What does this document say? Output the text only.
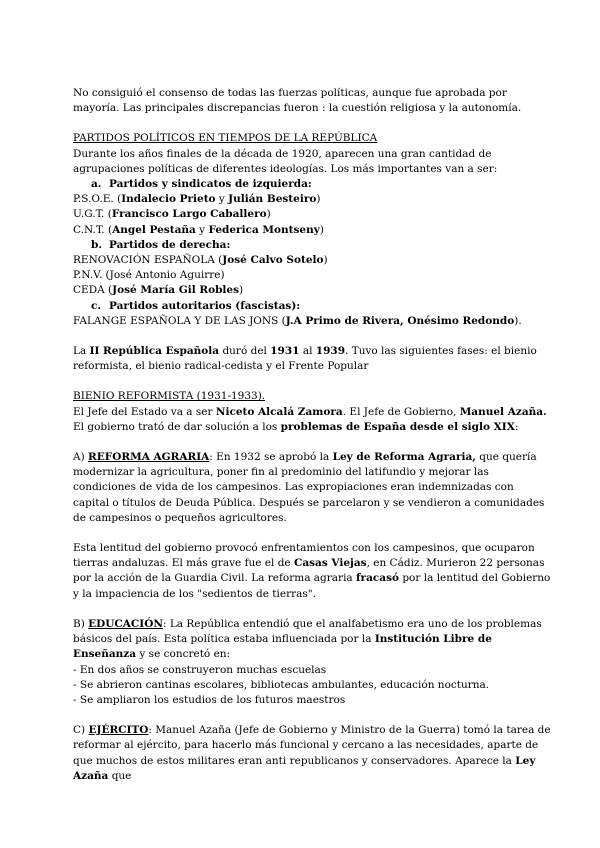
No consiguió el consenso de todas las fuerzas políticas, aunque fue aprobada por mayoría. Las principales discrepancias fueron : la cuestión religiosa y la autonomía.

PARTIDOS POLÍTICOS EN TIEMPOS DE LA REPÚBLICA

Durante los años finales de la década de 1920, aparecen una gran cantidad de agrupaciones políticas de diferentes ideologías. Los más importantes van a ser:

a. Partidos y sindicatos de izquierda:

P.S.O.E. (Indalecio Prieto y Julián Besteiro)

U.G.T. (Francisco Largo Caballero)

C.N.T. (Angel Pestaña y Federica Montseny)

b. Partidos de derecha:

RENOVACIÓN ESPAÑOLA (José Calvo Sotelo)

P.N.V. (José Antonio Aguirre)

CEDA (José María Gil Robles)

c. Partidos autoritarios (fascistas):

FALANGE ESPAÑOLA Y DE LAS JONS (J.A Primo de Rivera, Onésimo Redondo).

La II República Española duró del 1931 al 1939. Tuvo las siguientes fases: el bienio reformista, el bienio radical-cedista y el Frente Popular

BIENIO REFORMISTA (1931-1933).

El Jefe del Estado va a ser Niceto Alcalá Zamora. El Jefe de Gobierno, Manuel Azaña. El gobierno trató de dar solución a los problemas de España desde el siglo XIX:

A) REFORMA AGRARIA: En 1932 se aprobó la Ley de Reforma Agraria, que quería modernizar la agricultura, poner fin al predominio del latifundio y mejorar las condiciones de vida de los campesinos. Las expropiaciones eran indemnizadas con capital o títulos de Deuda Pública. Después se parcelaron y se vendieron a comunidades de campesinos o pequeños agricultores.

Esta lentitud del gobierno provocó enfrentamientos con los campesinos, que ocuparon tierras andaluzas. El más grave fue el de Casas Viejas, en Cádiz. Murieron 22 personas por la acción de la Guardia Civil. La reforma agraria fracasó por la lentitud del Gobierno y la impaciencia de los "sedientos de tierras".

B) EDUCACIÓN: La República entendió que el analfabetismo era uno de los problemas básicos del país. Esta política estaba influenciada por la Institución Libre de Enseñanza y se concretó en:

- En dos años se construyeron muchas escuelas

- Se abrieron cantinas escolares, bibliotecas ambulantes, educación nocturna.

- Se ampliaron los estudios de los futuros maestros

C) EJÉRCITO: Manuel Azaña (Jefe de Gobierno y Ministro de la Guerra) tomó la tarea de reformar al ejército, para hacerlo más funcional y cercano a las necesidades, aparte de que muchos de estos militares eran anti republicanos y conservadores. Aparece la Ley Azaña que
